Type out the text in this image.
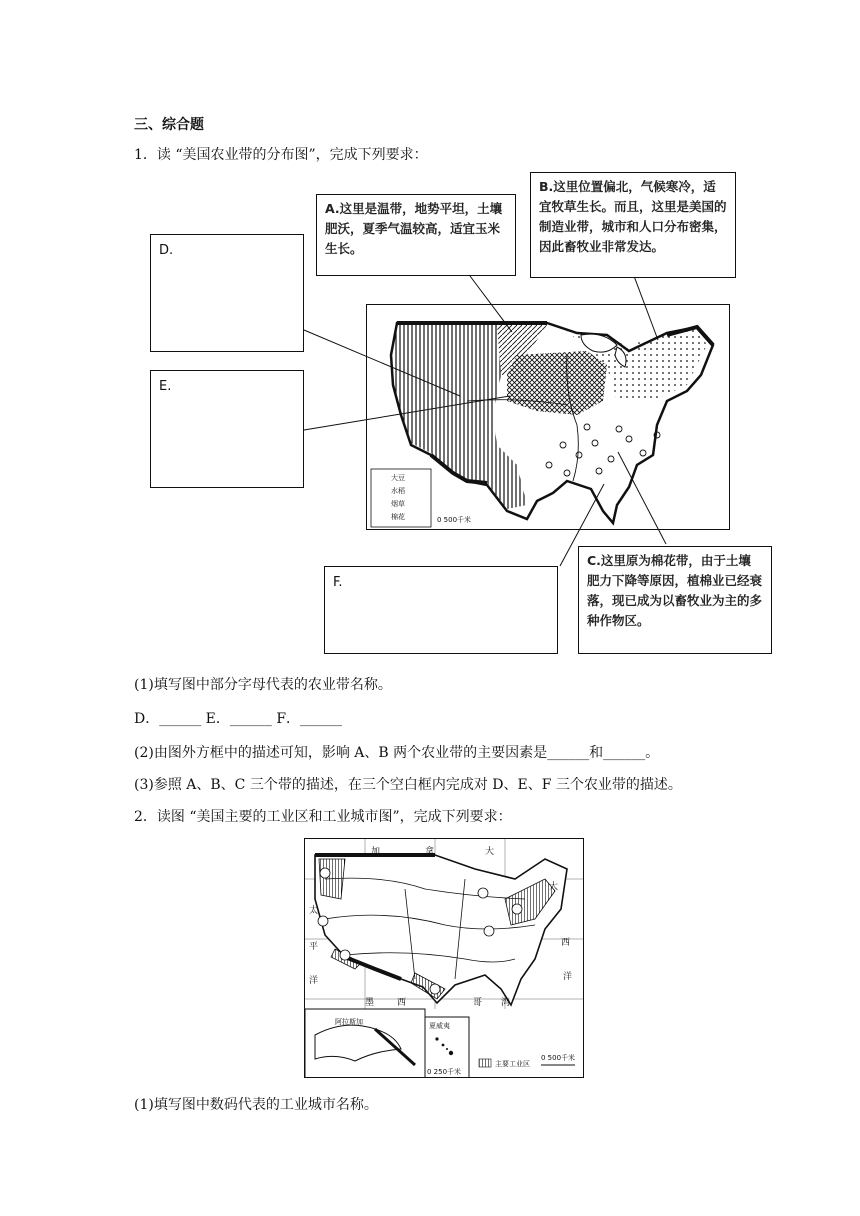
三、综合题
1．读 “美国农业带的分布图”，完成下列要求：
大豆
水稻
烟草
棉花	0 500千米
D.
E.
F.
A.这里是温带，地势平坦，土壤肥沃，夏季气温较高，适宜玉米生长。
B.这里位置偏北，气候寒冷，适宜牧草生长。而且，这里是美国的制造业带，城市和人口分布密集，因此畜牧业非常发达。
C.这里原为棉花带，由于土壤肥力下降等原因，植棉业已经衰落，现已成为以畜牧业为主的多种作物区。
(1)填写图中部分字母代表的农业带名称。
D．______ E．______ F．______
(2)由图外方框中的描述可知，影响 A、B 两个农业带的主要因素是______和______。
(3)参照 A、B、C 三个带的描述，在三个空白框内完成对 D、E、F 三个农业带的描述。
2．读图 “美国主要的工业区和工业城市图”，完成下列要求：
加	拿	大
太
平
洋
大
西
洋
墨	西	哥 湾
阿拉斯加	夏威夷
主要工业区
0 500千米
0 250千米
(1)填写图中数码代表的工业城市名称。
